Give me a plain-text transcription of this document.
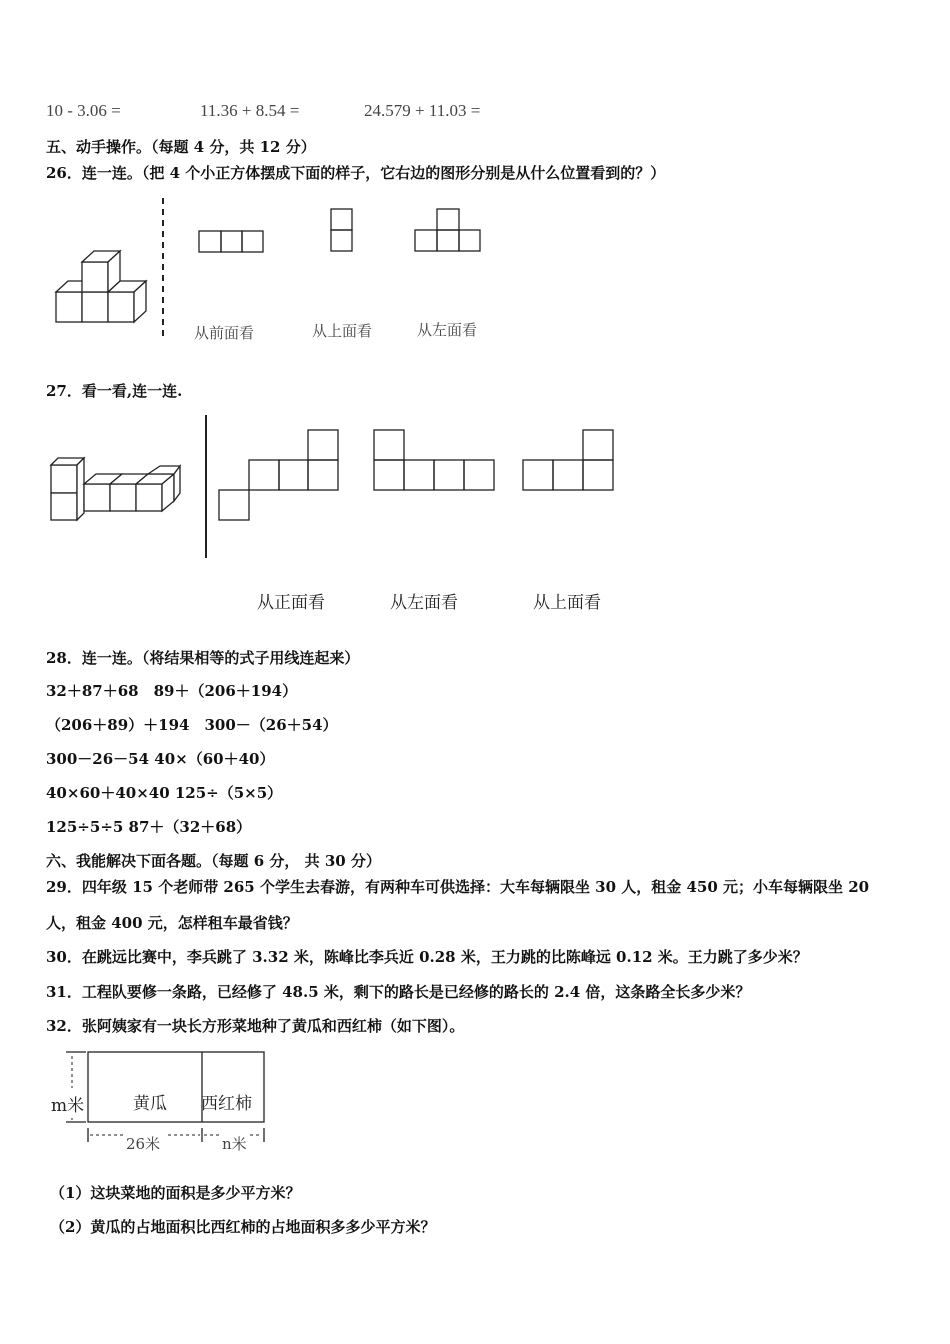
10 - 3.06 =	11.36 + 8.54 =	24.579 + 11.03 =
五、动手操作。（每题 4 分，共 12 分）
26．连一连。（把 4 个小正方体摆成下面的样子，它右边的图形分别是从什么位置看到的？）
从前面看	从上面看	从左面看
27．看一看,连一连.
从正面看	从左面看	从上面看
28．连一连。（将结果相等的式子用线连起来）
32＋87＋68　89＋（206＋194）
（206＋89）＋194　300－（26＋54）
300－26－54 40×（60＋40）
40×60＋40×40 125÷（5×5）
125÷5÷5 87＋（32＋68）
六、我能解决下面各题。（每题 6 分， 共 30 分）
29．四年级 15 个老师带 265 个学生去春游，有两种车可供选择：大车每辆限坐 30 人，租金 450 元；小车每辆限坐 20
人，租金 400 元，怎样租车最省钱？
30．在跳远比赛中，李兵跳了 3.32 米，陈峰比李兵近 0.28 米，王力跳的比陈峰远 0.12 米。王力跳了多少米？
31．工程队要修一条路，已经修了 48.5 米，剩下的路长是已经修的路长的 2.4 倍，这条路全长多少米？
32．张阿姨家有一块长方形菜地种了黄瓜和西红柿（如下图）。
m米	黄瓜 西红柿
26米	n米
（1）这块菜地的面积是多少平方米？
（2）黄瓜的占地面积比西红柿的占地面积多多少平方米？
